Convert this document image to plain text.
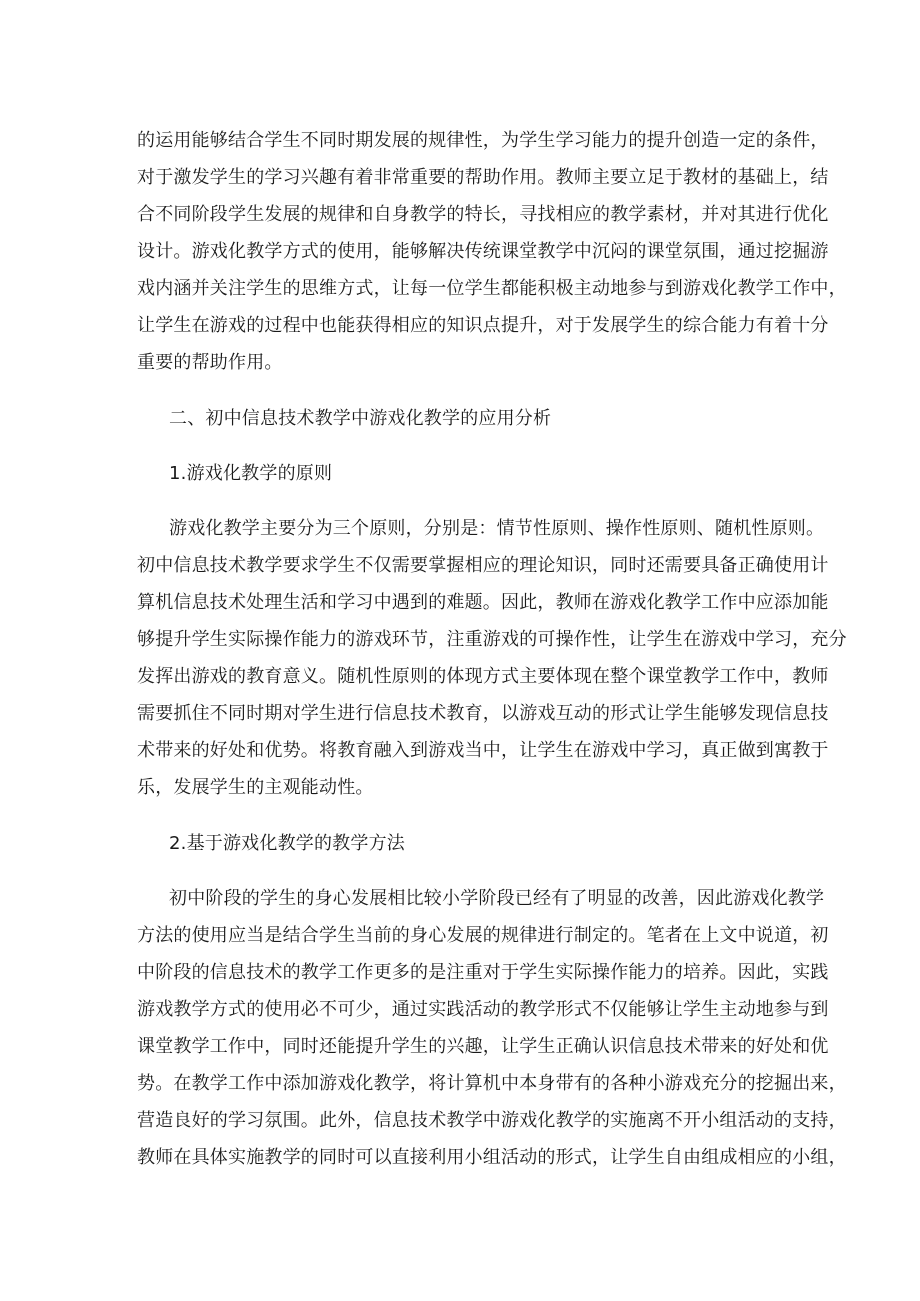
的运用能够结合学生不同时期发展的规律性，为学生学习能力的提升创造一定的条件，
对于激发学生的学习兴趣有着非常重要的帮助作用。教师主要立足于教材的基础上，结
合不同阶段学生发展的规律和自身教学的特长，寻找相应的教学素材，并对其进行优化
设计。游戏化教学方式的使用，能够解决传统课堂教学中沉闷的课堂氛围，通过挖掘游
戏内涵并关注学生的思维方式，让每一位学生都能积极主动地参与到游戏化教学工作中，
让学生在游戏的过程中也能获得相应的知识点提升，对于发展学生的综合能力有着十分
重要的帮助作用。
二、初中信息技术教学中游戏化教学的应用分析
1.游戏化教学的原则
游戏化教学主要分为三个原则，分别是：情节性原则、操作性原则、随机性原则。
初中信息技术教学要求学生不仅需要掌握相应的理论知识，同时还需要具备正确使用计
算机信息技术处理生活和学习中遇到的难题。因此，教师在游戏化教学工作中应添加能
够提升学生实际操作能力的游戏环节，注重游戏的可操作性，让学生在游戏中学习，充分
发挥出游戏的教育意义。随机性原则的体现方式主要体现在整个课堂教学工作中，教师
需要抓住不同时期对学生进行信息技术教育，以游戏互动的形式让学生能够发现信息技
术带来的好处和优势。将教育融入到游戏当中，让学生在游戏中学习，真正做到寓教于
乐，发展学生的主观能动性。
2.基于游戏化教学的教学方法
初中阶段的学生的身心发展相比较小学阶段已经有了明显的改善，因此游戏化教学
方法的使用应当是结合学生当前的身心发展的规律进行制定的。笔者在上文中说道，初
中阶段的信息技术的教学工作更多的是注重对于学生实际操作能力的培养。因此，实践
游戏教学方式的使用必不可少，通过实践活动的教学形式不仅能够让学生主动地参与到
课堂教学工作中，同时还能提升学生的兴趣，让学生正确认识信息技术带来的好处和优
势。在教学工作中添加游戏化教学，将计算机中本身带有的各种小游戏充分的挖掘出来，
营造良好的学习氛围。此外，信息技术教学中游戏化教学的实施离不开小组活动的支持，
教师在具体实施教学的同时可以直接利用小组活动的形式，让学生自由组成相应的小组，
